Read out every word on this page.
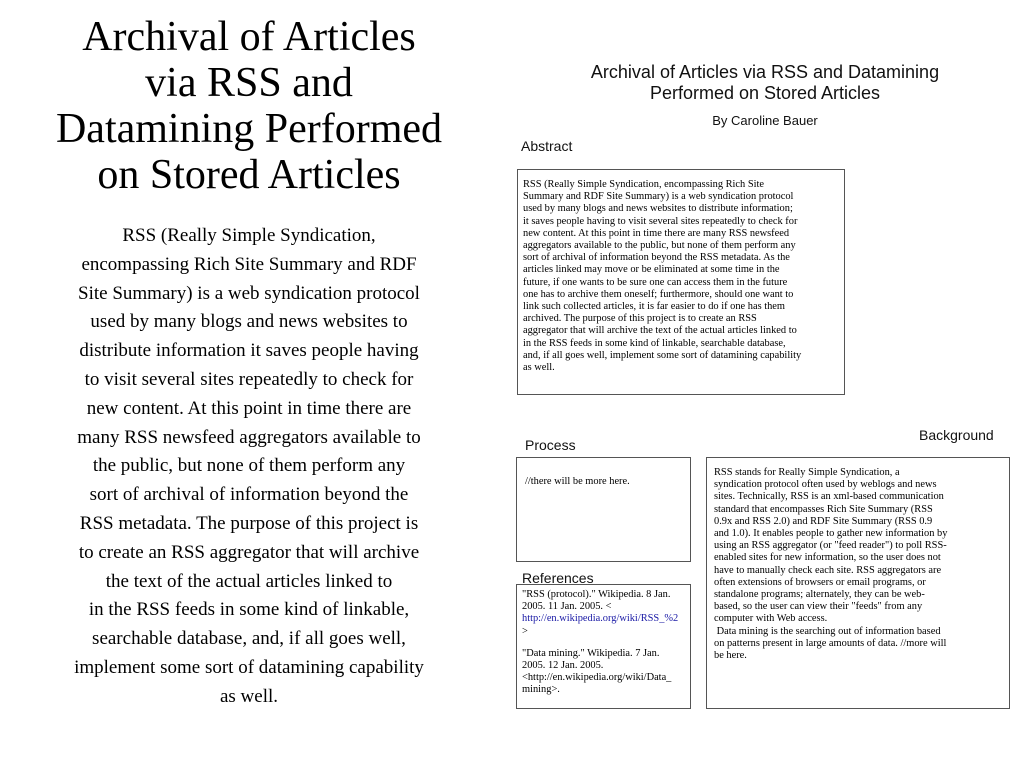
Archival of Articles
via RSS and
Datamining Performed
on Stored Articles

RSS (Really Simple Syndication,
encompassing Rich Site Summary and RDF
Site Summary) is a web syndication protocol
used by many blogs and news websites to
distribute information it saves people having
to visit several sites repeatedly to check for
new content. At this point in time there are
many RSS newsfeed aggregators available to
the public, but none of them perform any
sort of archival of information beyond the
RSS metadata. The purpose of this project is
to create an RSS aggregator that will archive
the text of the actual articles linked to
in the RSS feeds in some kind of linkable,
searchable database, and, if all goes well,
implement some sort of datamining capability
as well.

Archival of Articles via RSS and Datamining
Performed on Stored Articles
By Caroline Bauer
Abstract
RSS (Really Simple Syndication, encompassing Rich Site
Summary and RDF Site Summary) is a web syndication protocol
used by many blogs and news websites to distribute information;
it saves people having to visit several sites repeatedly to check for
new content. At this point in time there are many RSS newsfeed
aggregators available to the public, but none of them perform any
sort of archival of information beyond the RSS metadata. As the
articles linked may move or be eliminated at some time in the
future, if one wants to be sure one can access them in the future
one has to archive them oneself; furthermore, should one want to
link such collected articles, it is far easier to do if one has them
archived. The purpose of this project is to create an RSS
aggregator that will archive the text of the actual articles linked to
in the RSS feeds in some kind of linkable, searchable database,
and, if all goes well, implement some sort of datamining capability
as well.
Process
//there will be more here.
Background
RSS stands for Really Simple Syndication, a
syndication protocol often used by weblogs and news
sites. Technically, RSS is an xml-based communication
standard that encompasses Rich Site Summary (RSS
0.9x and RSS 2.0) and RDF Site Summary (RSS 0.9
and 1.0). It enables people to gather new information by
using an RSS aggregator (or "feed reader") to poll RSS-
enabled sites for new information, so the user does not
have to manually check each site. RSS aggregators are
often extensions of browsers or email programs, or
standalone programs; alternately, they can be web-
based, so the user can view their "feeds" from any
computer with Web access.
Data mining is the searching out of information based
on patterns present in large amounts of data. //more will
be here.
References
"RSS (protocol)." Wikipedia. 8 Jan.
2005. 11 Jan. 2005. <
http://en.wikipedia.org/wiki/RSS_%2
>
"Data mining." Wikipedia. 7 Jan.
2005. 12 Jan. 2005.
<http://en.wikipedia.org/wiki/Data_
mining>.
